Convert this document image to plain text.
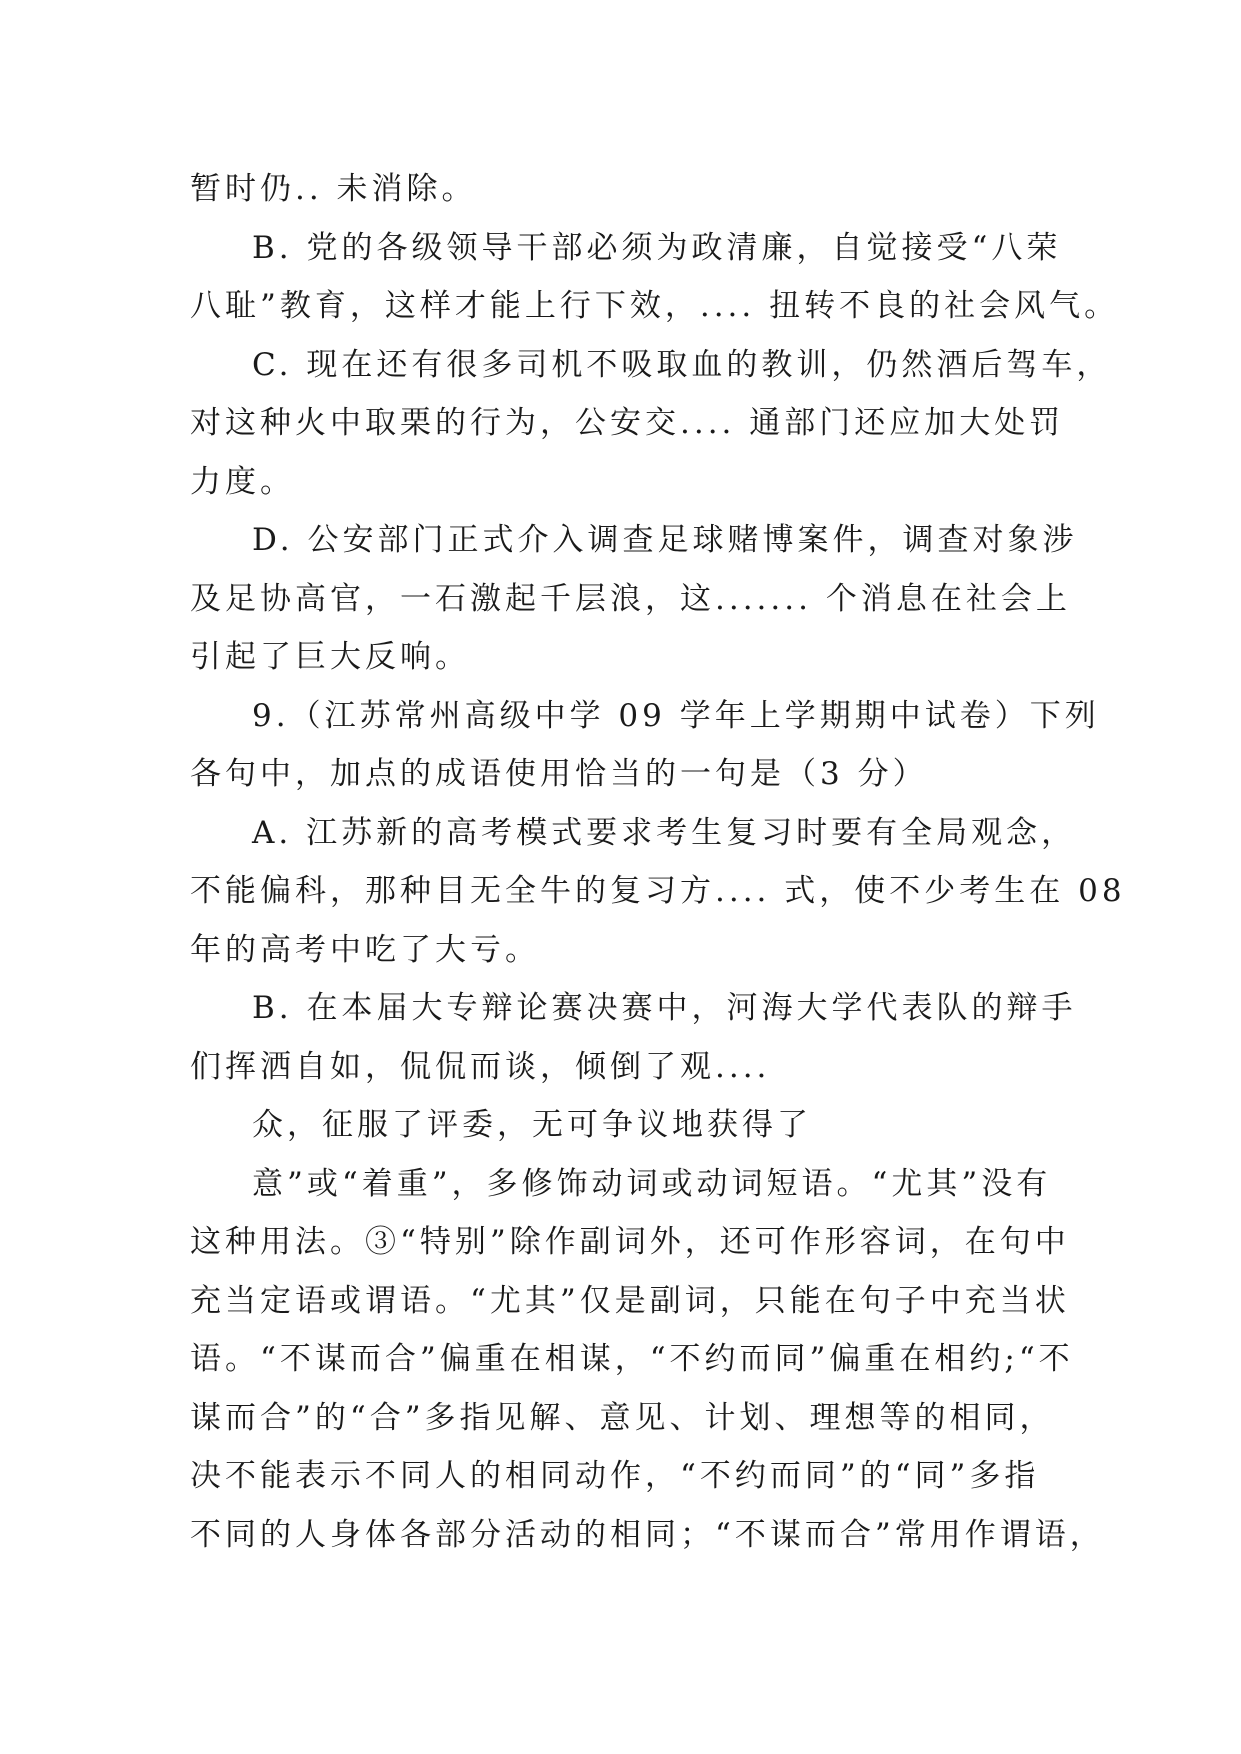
暂时仍.. 未消除。
B. 党的各级领导干部必须为政清廉，自觉接受“八荣
八耻”教育，这样才能上行下效，.... 扭转不良的社会风气。
C. 现在还有很多司机不吸取血的教训，仍然酒后驾车，
对这种火中取栗的行为，公安交.... 通部门还应加大处罚
力度。
D. 公安部门正式介入调查足球赌博案件，调查对象涉
及足协高官，一石激起千层浪，这....... 个消息在社会上
引起了巨大反响。
9.（江苏常州高级中学 09 学年上学期期中试卷）下列
各句中，加点的成语使用恰当的一句是（3 分）
A. 江苏新的高考模式要求考生复习时要有全局观念，
不能偏科，那种目无全牛的复习方.... 式，使不少考生在 08
年的高考中吃了大亏。
B. 在本届大专辩论赛决赛中，河海大学代表队的辩手
们挥洒自如，侃侃而谈，倾倒了观....
众，征服了评委，无可争议地获得了
意”或“着重”，多修饰动词或动词短语。“尤其”没有
这种用法。③“特别”除作副词外，还可作形容词，在句中
充当定语或谓语。“尤其”仅是副词，只能在句子中充当状
语。“不谋而合”偏重在相谋，“不约而同”偏重在相约;“不
谋而合”的“合”多指见解、意见、计划、理想等的相同，
决不能表示不同人的相同动作，“不约而同”的“同”多指
不同的人身体各部分活动的相同；“不谋而合”常用作谓语，
